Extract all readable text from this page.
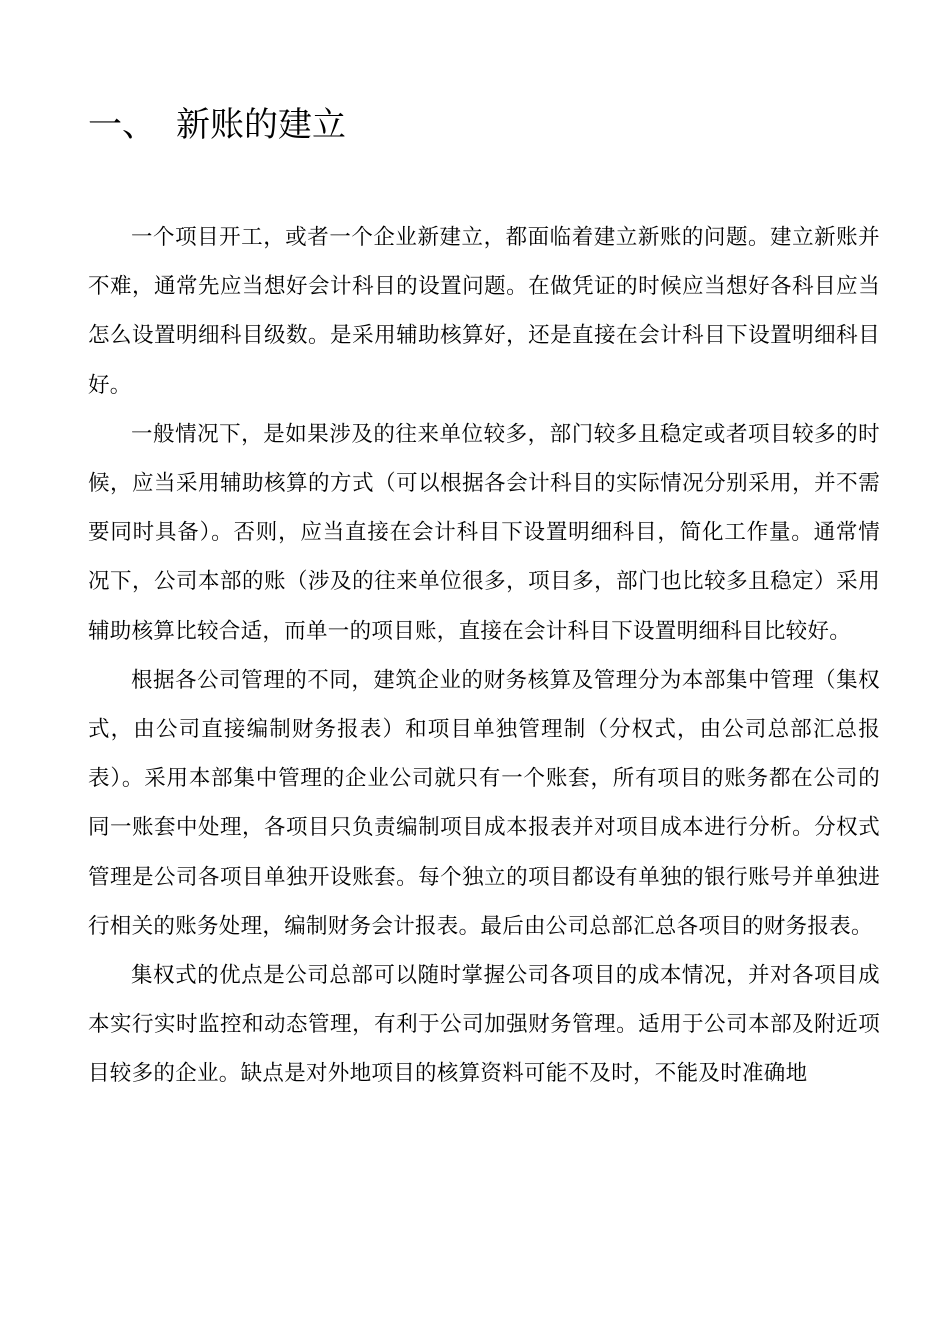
一、 新账的建立

一个项目开工，或者一个企业新建立，都面临着建立新账的问题。建立新账并不难，通常先应当想好会计科目的设置问题。在做凭证的时候应当想好各科目应当怎么设置明细科目级数。是采用辅助核算好，还是直接在会计科目下设置明细科目好。

一般情况下，是如果涉及的往来单位较多，部门较多且稳定或者项目较多的时候，应当采用辅助核算的方式（可以根据各会计科目的实际情况分别采用，并不需要同时具备）。否则，应当直接在会计科目下设置明细科目，简化工作量。通常情况下，公司本部的账（涉及的往来单位很多，项目多，部门也比较多且稳定）采用辅助核算比较合适，而单一的项目账，直接在会计科目下设置明细科目比较好。

根据各公司管理的不同，建筑企业的财务核算及管理分为本部集中管理（集权式，由公司直接编制财务报表）和项目单独管理制（分权式，由公司总部汇总报表）。采用本部集中管理的企业公司就只有一个账套，所有项目的账务都在公司的同一账套中处理，各项目只负责编制项目成本报表并对项目成本进行分析。分权式管理是公司各项目单独开设账套。每个独立的项目都设有单独的银行账号并单独进行相关的账务处理，编制财务会计报表。最后由公司总部汇总各项目的财务报表。

集权式的优点是公司总部可以随时掌握公司各项目的成本情况，并对各项目成本实行实时监控和动态管理，有利于公司加强财务管理。适用于公司本部及附近项目较多的企业。缺点是对外地项目的核算资料可能不及时，不能及时准确地
